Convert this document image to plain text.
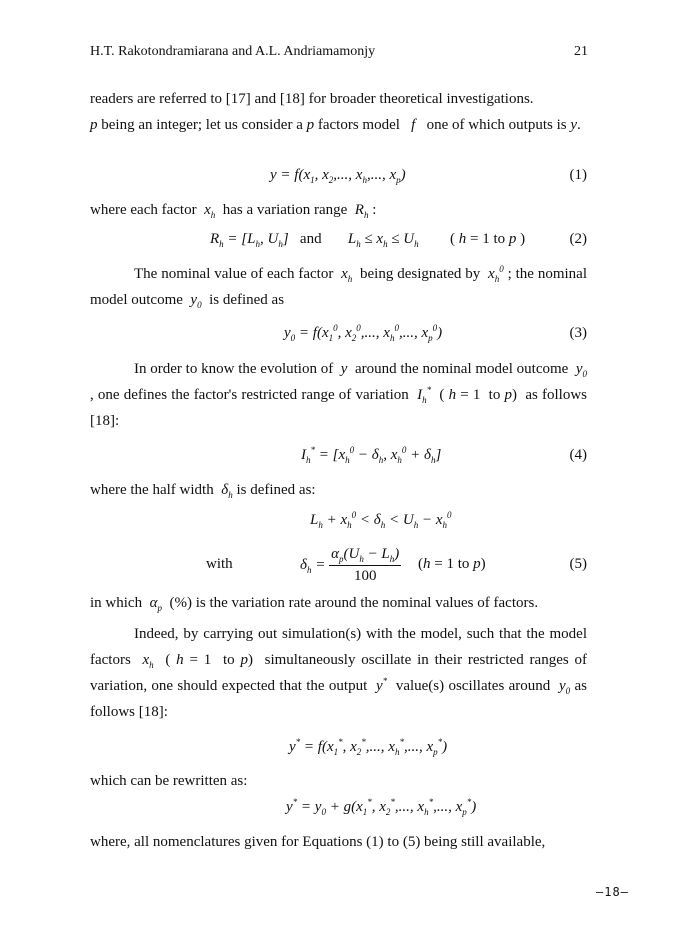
H.T. Rakotondramiarana and A.L. Andriamamonjy	21
readers are referred to [17] and [18] for broader theoretical investigations.
p being an integer; let us consider a p factors model   f   one of which outputs is y.
$y = f(x_1$, $x_2$,..., $x_h$,..., $x_p$)	(1)
where each factor  $x_h$  has a variation range  $R_h$ :
$R_h = [L_h$, $U_h$]   and       $L_h \le x_h \le U_h$ ( h = 1 to p )	(2)
The nominal value of each factor  $x_h$  being designated by  $x_h^0$ ; the nominal model outcome  $y_0$  is defined as
$y_0 = f(x_1^0$, $x_2^0$,..., $x_h^0$,..., $x_p^0$)	(3)
In order to know the evolution of  y  around the nominal model outcome  $y_0$ , one defines the factor's restricted range of variation  $I_h^*$  ( h = 1  to p)  as follows [18]:
$I_h^* = [x_h^0 - \delta_h$, $x_h^0 + \delta_h$]	(4)
where the half width  $\delta_h$ is defined as:
$L_h + x_h^0 < \delta_h < U_h - x_h^0$
with	$\delta_h = \frac{\alpha_p(U_h - L_h)}{100} (h = 1$ to p)	(5)
in which  $\alpha_p$  (%) is the variation rate around the nominal values of factors.
Indeed, by carrying out simulation(s) with the model, such that the model factors  $x_h$  ( h = 1  to p)  simultaneously oscillate in their restricted ranges of variation, one should expected that the output  y*  value(s) oscillates around  $y_0$ as follows [18]:
$y^* = f(x_1^*$, $x_2^*$,..., $x_h^*$,..., $x_p^*$)
which can be rewritten as:
$y^* = y_0 + g(x_1^*$, $x_2^*$,..., $x_h^*$,..., $x_p^*$)
where, all nomenclatures given for Equations (1) to (5) being still available,
—18—
